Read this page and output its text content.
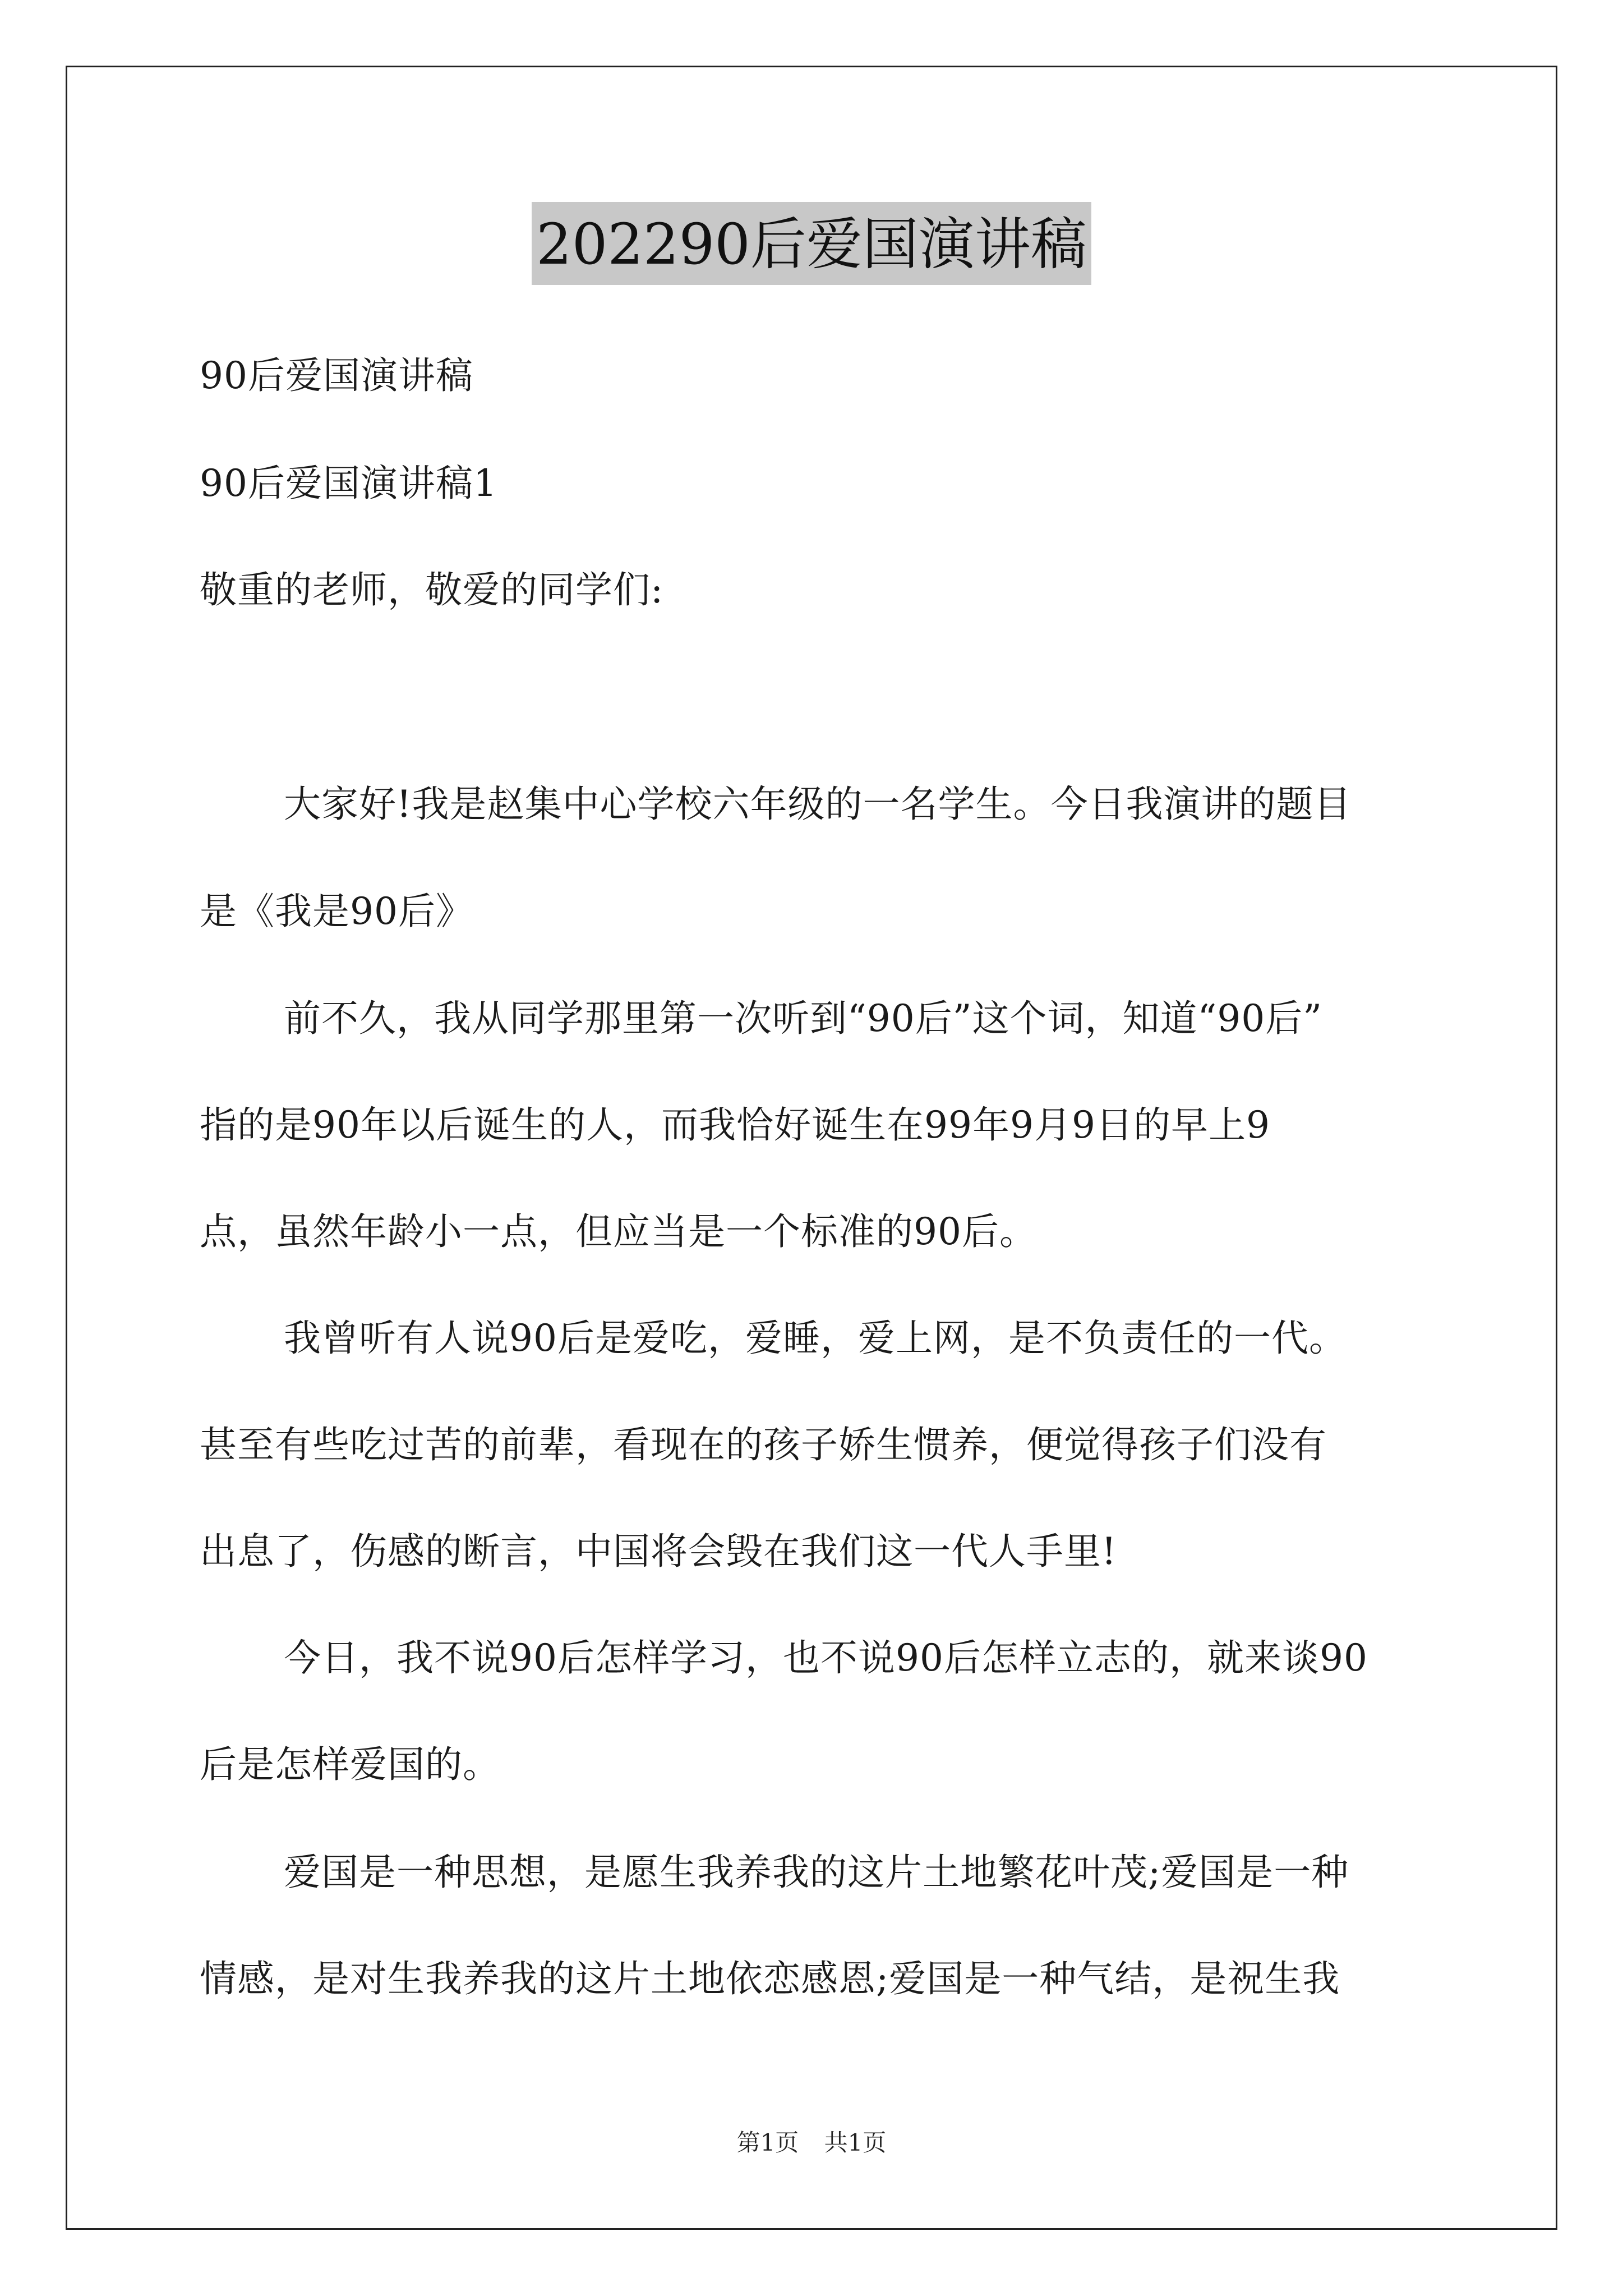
202290后爱国演讲稿
90后爱国演讲稿
90后爱国演讲稿1
敬重的老师，敬爱的同学们:
大家好!我是赵集中心学校六年级的一名学生。今日我演讲的题目
是《我是90后》
前不久，我从同学那里第一次听到“90后”这个词，知道“90后”
指的是90年以后诞生的人，而我恰好诞生在99年9月9日的早上9
点，虽然年龄小一点，但应当是一个标准的90后。
我曾听有人说90后是爱吃，爱睡，爱上网，是不负责任的一代。
甚至有些吃过苦的前辈，看现在的孩子娇生惯养，便觉得孩子们没有
出息了，伤感的断言，中国将会毁在我们这一代人手里!
今日，我不说90后怎样学习，也不说90后怎样立志的，就来谈90
后是怎样爱国的。
爱国是一种思想，是愿生我养我的这片土地繁花叶茂;爱国是一种
情感，是对生我养我的这片土地依恋感恩;爱国是一种气结，是祝生我
第1页 共1页
